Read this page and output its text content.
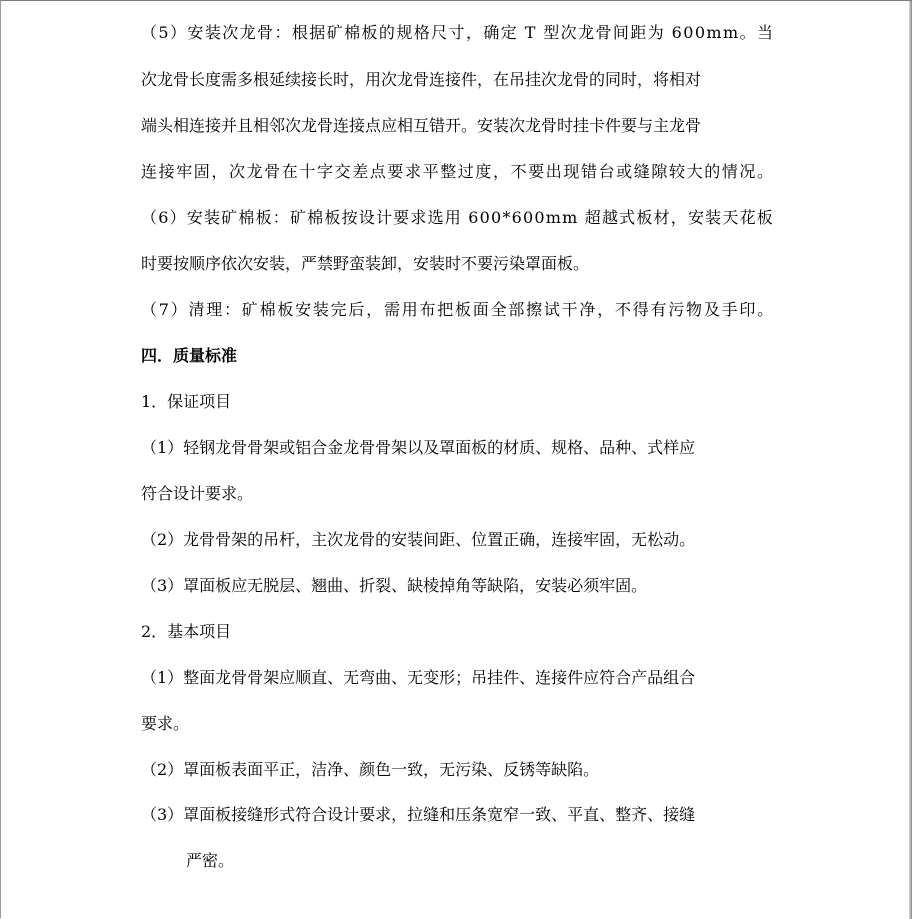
（5）安装次龙骨：根据矿棉板的规格尺寸，确定 T 型次龙骨间距为 600mm。当
次龙骨长度需多根延续接长时，用次龙骨连接件，在吊挂次龙骨的同时，将相对
端头相连接并且相邻次龙骨连接点应相互错开。安装次龙骨时挂卡件要与主龙骨
连接牢固，次龙骨在十字交差点要求平整过度，不要出现错台或缝隙较大的情况。
（6）安装矿棉板：矿棉板按设计要求选用 600*600mm 超越式板材，安装天花板
时要按顺序依次安装，严禁野蛮装卸，安装时不要污染罩面板。
（7）清理：矿棉板安装完后，需用布把板面全部擦试干净，不得有污物及手印。
四．质量标准
1．保证项目
（1）轻钢龙骨骨架或铝合金龙骨骨架以及罩面板的材质、规格、品种、式样应
符合设计要求。
（2）龙骨骨架的吊杆，主次龙骨的安装间距、位置正确，连接牢固，无松动。
（3）罩面板应无脱层、翘曲、折裂、缺棱掉角等缺陷，安装必须牢固。
2．基本项目
（1）整面龙骨骨架应顺直、无弯曲、无变形；吊挂件、连接件应符合产品组合
要求。
（2）罩面板表面平正，洁净、颜色一致，无污染、反锈等缺陷。
（3）罩面板接缝形式符合设计要求，拉缝和压条宽窄一致、平直、整齐、接缝
严密。
